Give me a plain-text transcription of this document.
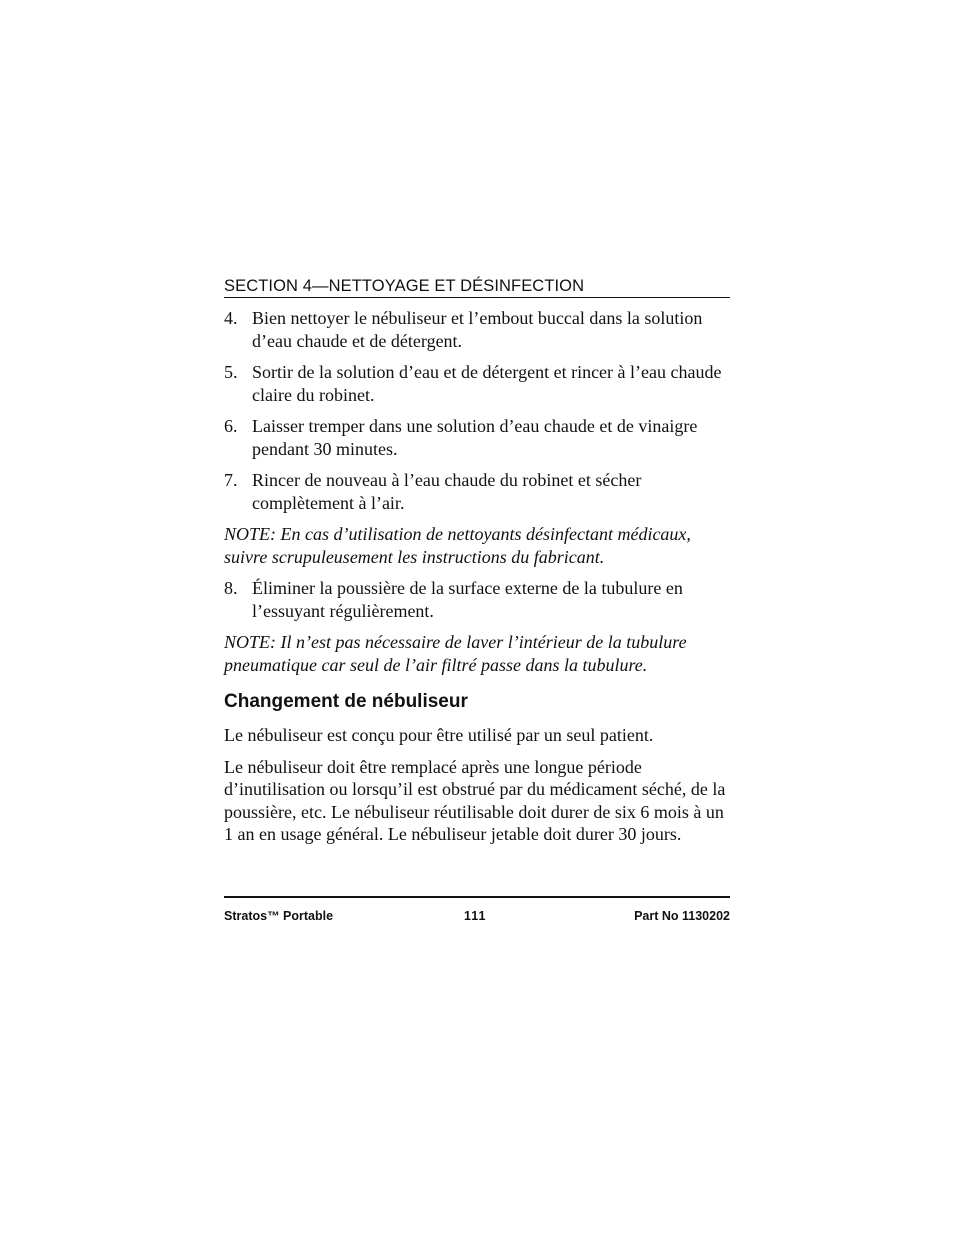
SECTION 4—NETTOYAGE ET DÉSINFECTION
4. Bien nettoyer le nébuliseur et l’embout buccal dans la solution d’eau chaude et de détergent.
5. Sortir de la solution d’eau et de détergent et rincer à l’eau chaude claire du robinet.
6. Laisser tremper dans une solution d’eau chaude et de vinaigre pendant 30 minutes.
7. Rincer de nouveau à l’eau chaude du robinet et sécher complètement à l’air.
NOTE: En cas d’utilisation de nettoyants désinfectant médicaux, suivre scrupuleusement les instructions du fabricant.
8. Éliminer la poussière de la surface externe de la tubulure en l’essuyant régulièrement.
NOTE: Il n’est pas nécessaire de laver l’intérieur de la tubulure pneumatique car seul de l’air filtré passe dans la tubulure.
Changement de nébuliseur
Le nébuliseur est conçu pour être utilisé par un seul patient.
Le nébuliseur doit être remplacé après une longue période d’inutilisation ou lorsqu’il est obstrué par du médicament séché, de la poussière, etc. Le nébuliseur réutilisable doit durer de six 6 mois à un 1 an en usage général. Le nébuliseur jetable doit durer 30 jours.
Stratos™ Portable	111	Part No 1130202
